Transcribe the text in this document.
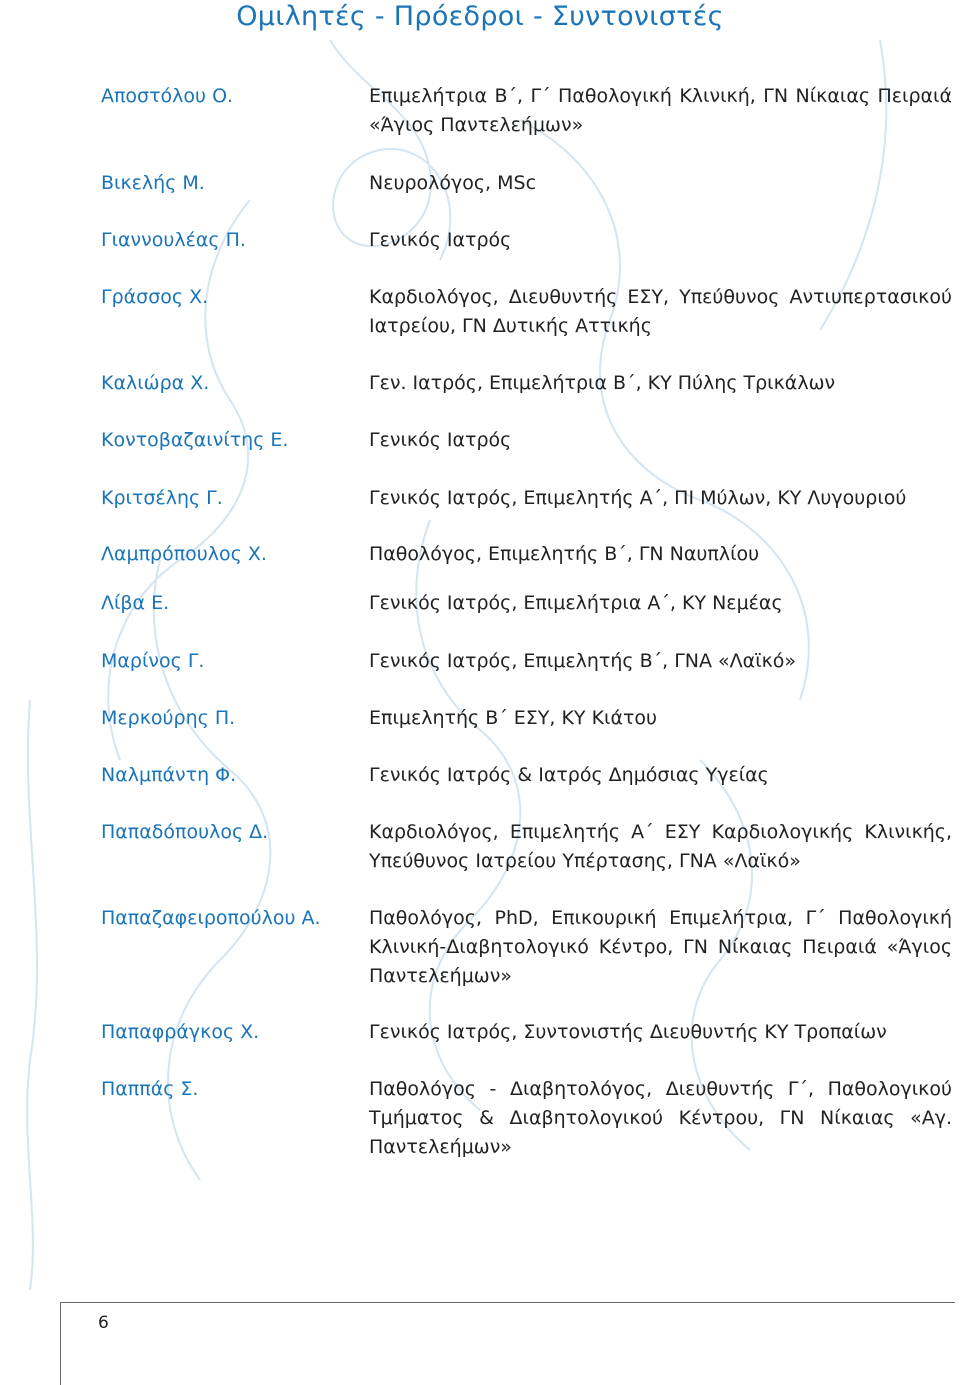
Ομιλητές - Πρόεδροι - Συντονιστές
Αποστόλου Ο.	Επιμελήτρια Β΄, Γ΄ Παθολογική Κλινική, ΓΝ Νίκαιας Πειραιά «Άγιος Παντελεήμων»
Βικελής Μ.	Νευρολόγος, MSc
Γιαννουλέας Π.	Γενικός Ιατρός
Γράσσος Χ.	Καρδιολόγος, Διευθυντής ΕΣΥ, Υπεύθυνος Αντιυπερτασικού Ιατρείου, ΓΝ Δυτικής Αττικής
Καλιώρα Χ.	Γεν. Ιατρός, Επιμελήτρια Β΄, ΚΥ Πύλης Τρικάλων
Κοντοβαζαινίτης Ε.	Γενικός Ιατρός
Κριτσέλης Γ.	Γενικός Ιατρός, Επιμελητής Α΄, ΠΙ Μύλων, ΚΥ Λυγουριού
Λαμπρόπουλος Χ.	Παθολόγος, Επιμελητής Β΄, ΓΝ Ναυπλίου
Λίβα Ε.	Γενικός Ιατρός, Επιμελήτρια Α΄, ΚΥ Νεμέας
Μαρίνος Γ.	Γενικός Ιατρός, Επιμελητής Β΄, ΓΝΑ «Λαϊκό»
Μερκούρης Π.	Επιμελητής Β΄ ΕΣΥ, ΚΥ Κιάτου
Ναλμπάντη Φ.	Γενικός Ιατρός & Ιατρός Δημόσιας Υγείας
Παπαδόπουλος Δ.	Καρδιολόγος, Επιμελητής Α΄ ΕΣΥ Καρδιολογικής Κλινικής, Υπεύθυνος Ιατρείου Υπέρτασης, ΓΝΑ «Λαϊκό»
Παπαζαφειροπούλου Α.	Παθολόγος, PhD, Επικουρική Επιμελήτρια, Γ΄ Παθολογική Κλινική-Διαβητολογικό Κέντρο, ΓΝ Νίκαιας Πειραιά «Άγιος Παντελεήμων»
Παπαφράγκος Χ.	Γενικός Ιατρός, Συντονιστής Διευθυντής ΚΥ Τροπαίων
Παππάς Σ.	Παθολόγος - Διαβητολόγος, Διευθυντής Γ΄, Παθολογικού Τμήματος & Διαβητολογικού Κέντρου, ΓΝ Νίκαιας «Αγ. Παντελεήμων»
6
